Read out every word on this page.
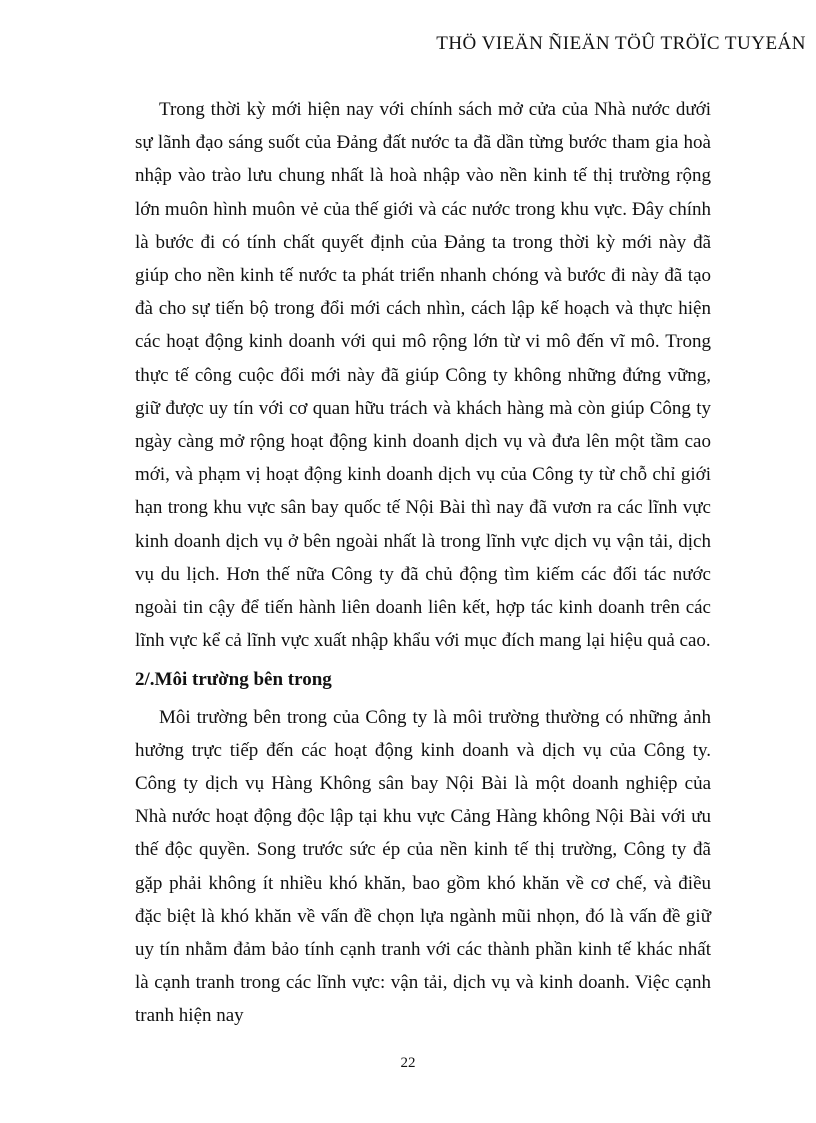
THÖ VIEÄN ÑIEÄN TÖÛ TRÖÏC TUYEÁN

Trong thời kỳ mới hiện nay với chính sách mở cửa của Nhà nước dưới sự lãnh đạo sáng suốt của Đảng đất nước ta đã dần từng bước tham gia hoà nhập vào trào lưu chung nhất là hoà nhập vào nền kinh tế thị trường rộng lớn muôn hình muôn vẻ của thế giới và các nước trong khu vực. Đây chính là bước đi có tính chất quyết định của Đảng ta trong thời kỳ mới này đã giúp cho nền kinh tế nước ta phát triển nhanh chóng và bước đi này đã tạo đà cho sự tiến bộ trong đổi mới cách nhìn, cách lập kế hoạch và thực hiện các hoạt động kinh doanh với qui mô rộng lớn từ vi mô đến vĩ mô. Trong thực tế công cuộc đổi mới này đã giúp Công ty không những đứng vững, giữ được uy tín với cơ quan hữu trách và khách hàng mà còn giúp Công ty ngày càng mở rộng hoạt động kinh doanh dịch vụ và đưa lên một tầm cao mới, và phạm vị hoạt động kinh doanh dịch vụ của Công ty từ chỗ chỉ giới hạn trong khu vực sân bay quốc tế Nội Bài thì nay đã vươn ra các lĩnh vực kinh doanh dịch vụ ở bên ngoài nhất là trong lĩnh vực dịch vụ vận tải, dịch vụ du lịch. Hơn thế nữa Công ty đã chủ động tìm kiếm các đối tác nước ngoài tin cậy để tiến hành liên doanh liên kết, hợp tác kinh doanh trên các lĩnh vực kể cả lĩnh vực xuất nhập khẩu với mục đích mang lại hiệu quả cao.

2/.Môi trường bên trong

Môi trường bên trong của Công ty là môi trường thường có những ảnh hưởng trực tiếp đến các hoạt động kinh doanh và dịch vụ của Công ty. Công ty dịch vụ Hàng Không sân bay Nội Bài là một doanh nghiệp của Nhà nước hoạt động độc lập tại khu vực Cảng Hàng không Nội Bài với ưu thế độc quyền. Song trước sức ép của nền kinh tế thị trường, Công ty đã gặp phải không ít nhiều khó khăn, bao gồm khó khăn về cơ chế, và điều đặc biệt là khó khăn về vấn đề chọn lựa ngành mũi nhọn, đó là vấn đề giữ uy tín nhằm đảm bảo tính cạnh tranh với các thành phần kinh tế khác nhất là cạnh tranh trong các lĩnh vực: vận tải, dịch vụ và kinh doanh. Việc cạnh tranh hiện nay

22
